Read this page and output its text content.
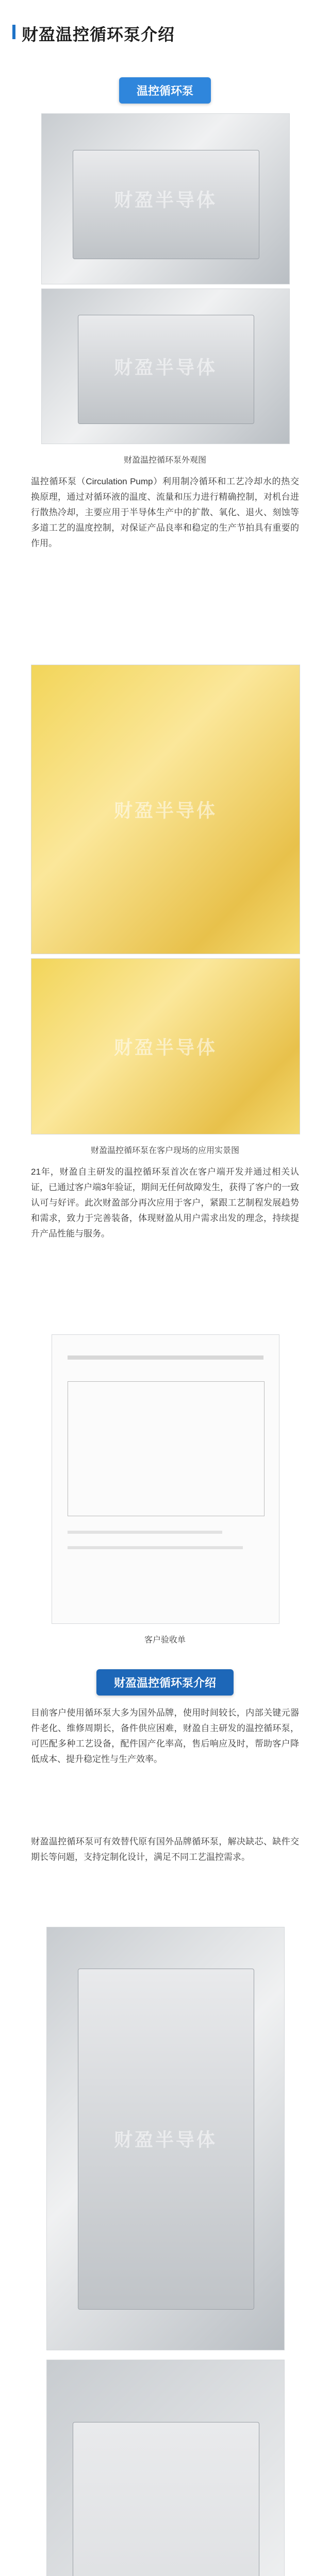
财盈温控循环泵介绍
温控循环泵
财盈半导体
财盈半导体
财盈温控循环泵外观图
温控循环泵（Circulation Pump）利用制冷循环和工艺冷却水的热交换原理，通过对循环液的温度、流量和压力进行精确控制，对机台进行散热冷却，主要应用于半导体生产中的扩散、氧化、退火、刻蚀等多道工艺的温度控制，对保证产品良率和稳定的生产节拍具有重要的作用。
财盈半导体
财盈半导体
财盈温控循环泵在客户现场的应用实景图
21年，财盈自主研发的温控循环泵首次在客户端开发并通过相关认证，已通过客户端3年验证，期间无任何故障发生，获得了客户的一致认可与好评。此次财盈部分再次应用于客户，紧跟工艺制程发展趋势和需求，致力于完善装备，体现财盈从用户需求出发的理念，持续提升产品性能与服务。
客户验收单
财盈温控循环泵介绍
目前客户使用循环泵大多为国外品牌，使用时间较长，内部关键元器件老化、维修周期长，备件供应困难，财盈自主研发的温控循环泵，可匹配多种工艺设备，配件国产化率高，售后响应及时，帮助客户降低成本、提升稳定性与生产效率。
财盈温控循环泵可有效替代原有国外品牌循环泵，解决缺芯、缺件交期长等问题，支持定制化设计，满足不同工艺温控需求。
财盈半导体
